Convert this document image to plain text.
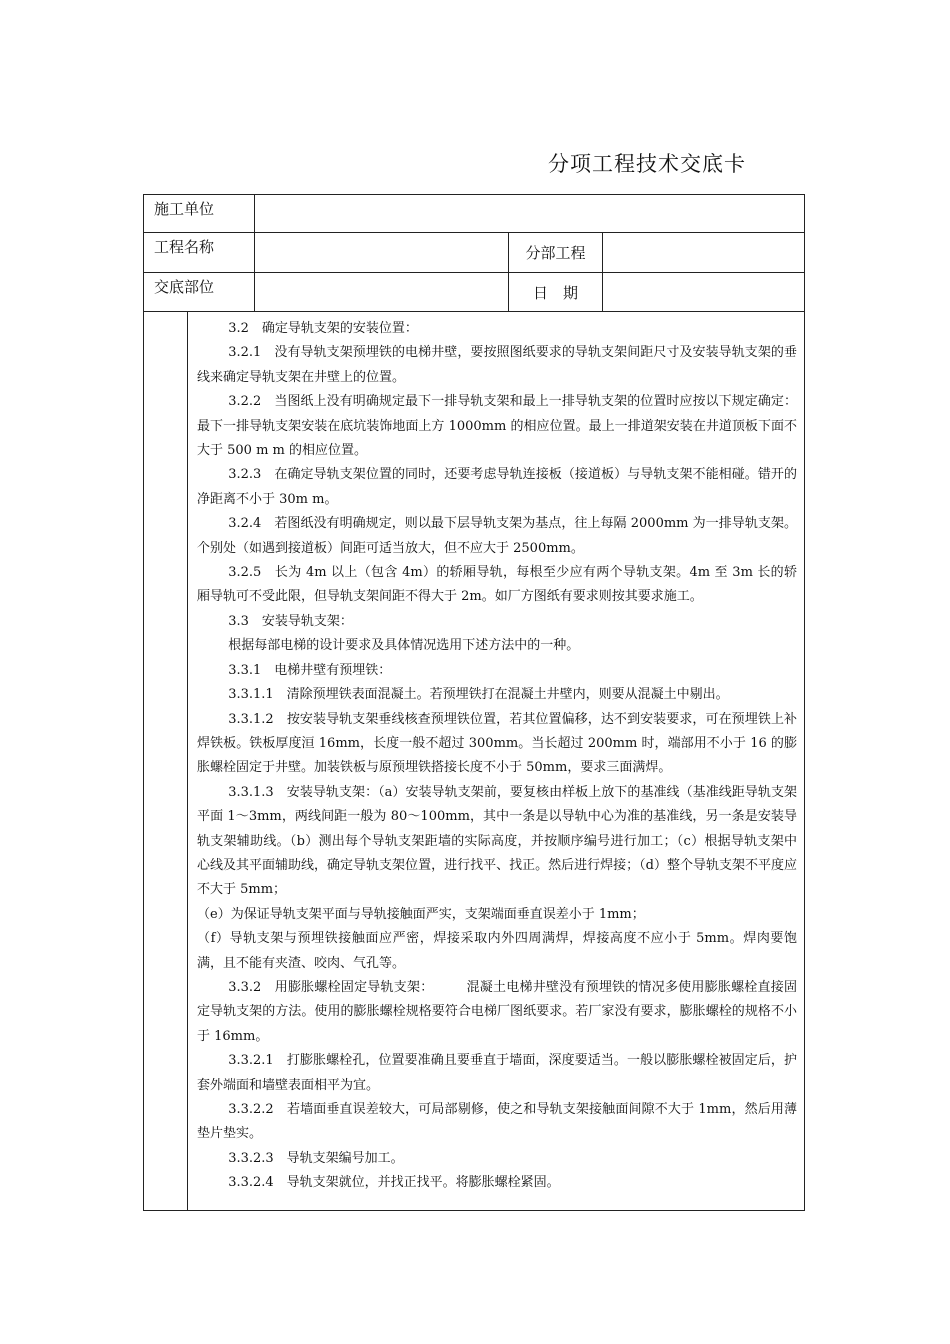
分项工程技术交底卡
施工单位
工程名称	分部工程
交底部位	日　期

3.2　确定导轨支架的安装位置：

3.2.1　没有导轨支架预埋铁的电梯井壁，要按照图纸要求的导轨支架间距尺寸及安装导轨支架的垂线来确定导轨支架在井壁上的位置。

3.2.2　当图纸上没有明确规定最下一排导轨支架和最上一排导轨支架的位置时应按以下规定确定：最下一排导轨支架安装在底坑装饰地面上方 1000mm 的相应位置。最上一排道架安装在井道顶板下面不大于 500 m m 的相应位置。

3.2.3　在确定导轨支架位置的同时，还要考虑导轨连接板（接道板）与导轨支架不能相碰。错开的净距离不小于 30m m。

3.2.4　若图纸没有明确规定，则以最下层导轨支架为基点，往上每隔 2000mm 为一排导轨支架。个别处（如遇到接道板）间距可适当放大，但不应大于 2500mm。

3.2.5　长为 4m 以上（包含 4m）的轿厢导轨，每根至少应有两个导轨支架。4m 至 3m 长的轿厢导轨可不受此限，但导轨支架间距不得大于 2m。如厂方图纸有要求则按其要求施工。

3.3　安装导轨支架：

根据每部电梯的设计要求及具体情况选用下述方法中的一种。

3.3.1　电梯井壁有预埋铁：

3.3.1.1　清除预埋铁表面混凝土。若预埋铁打在混凝土井壁内，则要从混凝土中剔出。

3.3.1.2　按安装导轨支架垂线核查预埋铁位置，若其位置偏移，达不到安装要求，可在预埋铁上补焊铁板。铁板厚度洹 16mm，长度一般不超过 300mm。当长超过 200mm 时，端部用不小于 16 的膨胀螺栓固定于井壁。加装铁板与原预埋铁搭接长度不小于 50mm，要求三面满焊。

3.3.1.3　安装导轨支架：（a）安装导轨支架前，要复核由样板上放下的基准线（基准线距导轨支架平面 1～3mm，两线间距一般为 80～100mm，其中一条是以导轨中心为准的基准线，另一条是安装导轨支架辅助线。（b）测出每个导轨支架距墙的实际高度，并按顺序编号进行加工；（c）根据导轨支架中心线及其平面辅助线，确定导轨支架位置，进行找平、找正。然后进行焊接；（d）整个导轨支架不平度应不大于 5mm；

（e）为保证导轨支架平面与导轨接触面严实，支架端面垂直误差小于 1mm；

（f）导轨支架与预埋铁接触面应严密，焊接采取内外四周满焊，焊接高度不应小于 5mm。焊肉要饱满，且不能有夹渣、咬肉、气孔等。

3.3.2　用膨胀螺栓固定导轨支架：　　　混凝土电梯井壁没有预埋铁的情况多使用膨胀螺栓直接固定导轨支架的方法。使用的膨胀螺栓规格要符合电梯厂图纸要求。若厂家没有要求，膨胀螺栓的规格不小于 16mm。

3.3.2.1　打膨胀螺栓孔，位置要准确且要垂直于墙面，深度要适当。一般以膨胀螺栓被固定后，护套外端面和墙壁表面相平为宜。

3.3.2.2　若墙面垂直误差较大，可局部剔修，使之和导轨支架接触面间隙不大于 1mm，然后用薄垫片垫实。

3.3.2.3　导轨支架编号加工。

3.3.2.4　导轨支架就位，并找正找平。将膨胀螺栓紧固。
